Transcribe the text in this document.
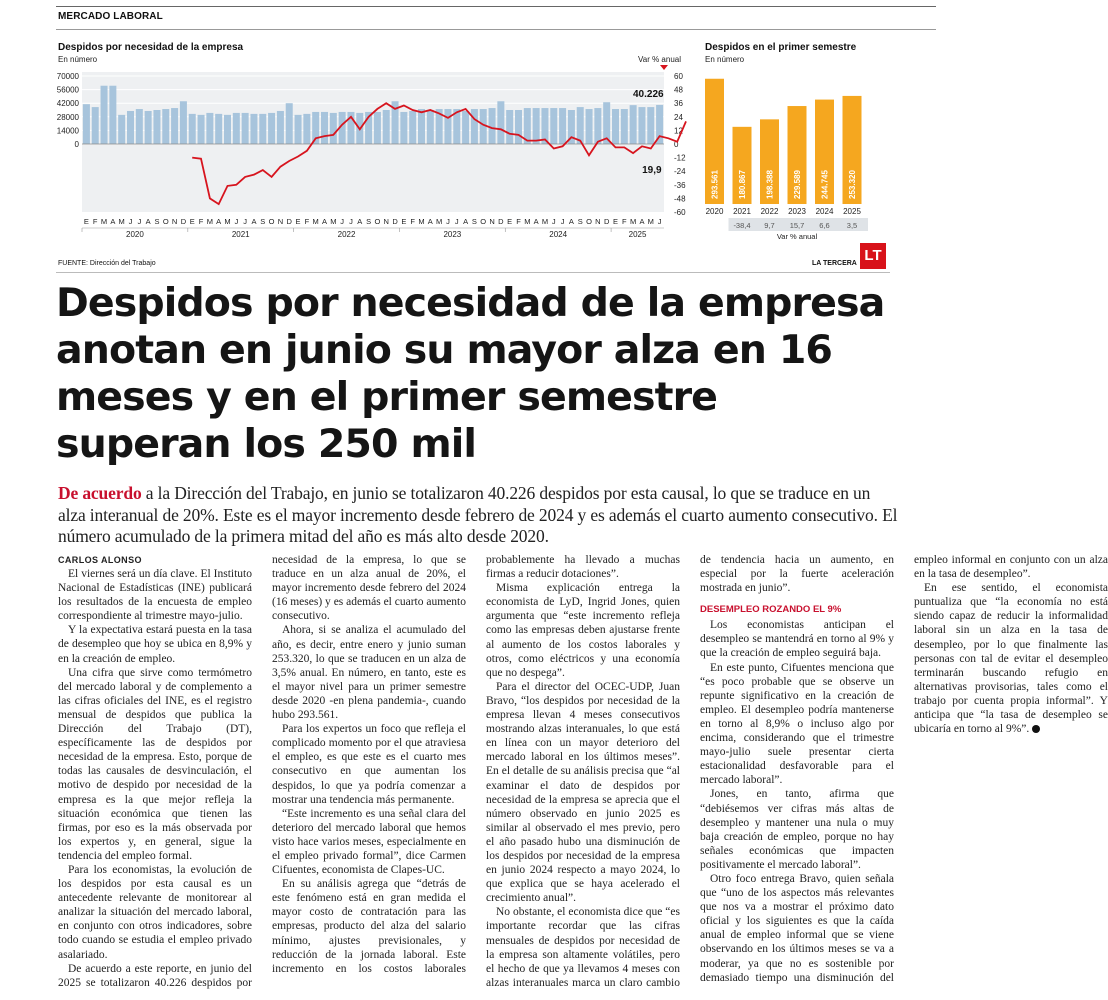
MERCADO LABORAL
Despidos por necesidad de la empresa
En número	Var % anual
70000
56000
42000
28000
14000
0
60
48
36
24
12
0
-12
-24
-36
-48
-60
40.226
19,9
E F M A M J J A S O N D E F M A M J J A S O N D E F M A M J J A S O N D E F M A M J J A S O N D E F M A M J J A S O N D E F M A M J
2020	2021	2022	2023	2024	2025
Despidos en el primer semestre
En número
293.561
2020
180.867
2021
198.388
2022
229.589
2023
244.745
2024
253.320
2025
-38,4 9,7 15,7 6,6 3,5
Var % anual
FUENTE: Dirección del Trabajo	LA TERCERA LT
Despidos por necesidad de la empresa anotan en junio su mayor alza en 16 meses y en el primer semestre superan los 250 mil

De acuerdo a la Dirección del Trabajo, en junio se totalizaron 40.226 despidos por esta causal, lo que se traduce en un alza interanual de 20%. Este es el mayor incremento desde febrero de 2024 y es además el cuarto aumento consecutivo. El número acumulado de la primera mitad del año es más alto desde 2020.

CARLOS ALONSO

El viernes será un día clave. El Instituto Nacional de Estadísticas (INE) publicará los resultados de la encuesta de empleo correspondiente al trimestre mayo-julio.

Y la expectativa estará puesta en la tasa de desempleo que hoy se ubica en 8,9% y en la creación de empleo.

Una cifra que sirve como termómetro del mercado laboral y de complemento a las cifras oficiales del INE, es el registro mensual de despidos que publica la Dirección del Trabajo (DT), específicamente las de despidos por necesidad de la empresa. Esto, porque de todas las causales de desvinculación, el motivo de despido por necesidad de la empresa es la que mejor refleja la situación económica que tienen las firmas, por eso es la más observada por los expertos y, en general, sigue la tendencia del empleo formal.

Para los economistas, la evolución de los despidos por esta causal es un antecedente relevante de monitorear al analizar la situación del mercado laboral, en conjunto con otros indicadores, sobre todo cuando se estudia el empleo privado asalariado.

De acuerdo a este reporte, en junio del 2025 se totalizaron 40.226 despidos por necesidad de la empresa, lo que se traduce en un alza anual de 20%, el mayor incremento desde febrero del 2024 (16 meses) y es además el cuarto aumento consecutivo.

Ahora, si se analiza el acumulado del año, es decir, entre enero y junio suman 253.320, lo que se traducen en un alza de 3,5% anual. En número, en tanto, este es el mayor nivel para un primer semestre desde 2020 -en plena pandemia-, cuando hubo 293.561.

Para los expertos un foco que refleja el complicado momento por el que atraviesa el empleo, es que este es el cuarto mes consecutivo en que aumentan los despidos, lo que ya podría comenzar a mostrar una tendencia más permanente.

“Este incremento es una señal clara del deterioro del mercado laboral que hemos visto hace varios meses, especialmente en el empleo privado formal”, dice Carmen Cifuentes, economista de Clapes-UC.

En su análisis agrega que “detrás de este fenómeno está en gran medida el mayor costo de contratación para las empresas, producto del alza del salario mínimo, ajustes previsionales, y reducción de la jornada laboral. Este incremento en los costos laborales probablemente ha llevado a muchas firmas a reducir dotaciones”.

Misma explicación entrega la economista de LyD, Ingrid Jones, quien argumenta que “este incremento refleja como las empresas deben ajustarse frente al aumento de los costos laborales y otros, como eléctricos y una economía que no despega”.

Para el director del OCEC-UDP, Juan Bravo, “los despidos por necesidad de la empresa llevan 4 meses consecutivos mostrando alzas interanuales, lo que está en línea con un mayor deterioro del mercado laboral en los últimos meses”. En el detalle de su análisis precisa que “al examinar el dato de despidos por necesidad de la empresa se aprecia que el número observado en junio 2025 es similar al observado el mes previo, pero el año pasado hubo una disminución de los despidos por necesidad de la empresa en junio 2024 respecto a mayo 2024, lo que explica que se haya acelerado el crecimiento anual”.

No obstante, el economista dice que “es importante recordar que las cifras mensuales de despidos por necesidad de la empresa son altamente volátiles, pero el hecho de que ya llevamos 4 meses con alzas interanuales marca un claro cambio de tendencia hacia un aumento, en especial por la fuerte aceleración mostrada en junio”.

DESEMPLEO ROZANDO EL 9%

Los economistas anticipan el desempleo se mantendrá en torno al 9% y que la creación de empleo seguirá baja.

En este punto, Cifuentes menciona que “es poco probable que se observe un repunte significativo en la creación de empleo. El desempleo podría mantenerse en torno al 8,9% o incluso algo por encima, considerando que el trimestre mayo-julio suele presentar cierta estacionalidad desfavorable para el mercado laboral”.

Jones, en tanto, afirma que “debiésemos ver cifras más altas de desempleo y mantener una nula o muy baja creación de empleo, porque no hay señales económicas que impacten positivamente el mercado laboral”.

Otro foco entrega Bravo, quien señala que “uno de los aspectos más relevantes que nos va a mostrar el próximo dato oficial y los siguientes es que la caída anual de empleo informal que se viene observando en los últimos meses se va a moderar, ya que no es sostenible por demasiado tiempo una disminución del empleo informal en conjunto con un alza en la tasa de desempleo”.

En ese sentido, el economista puntualiza que “la economía no está siendo capaz de reducir la informalidad laboral sin un alza en la tasa de desempleo, por lo que finalmente las personas con tal de evitar el desempleo terminarán buscando refugio en alternativas provisorias, tales como el trabajo por cuenta propia informal”. Y anticipa que “la tasa de desempleo se ubicaría en torno al 9%”.
